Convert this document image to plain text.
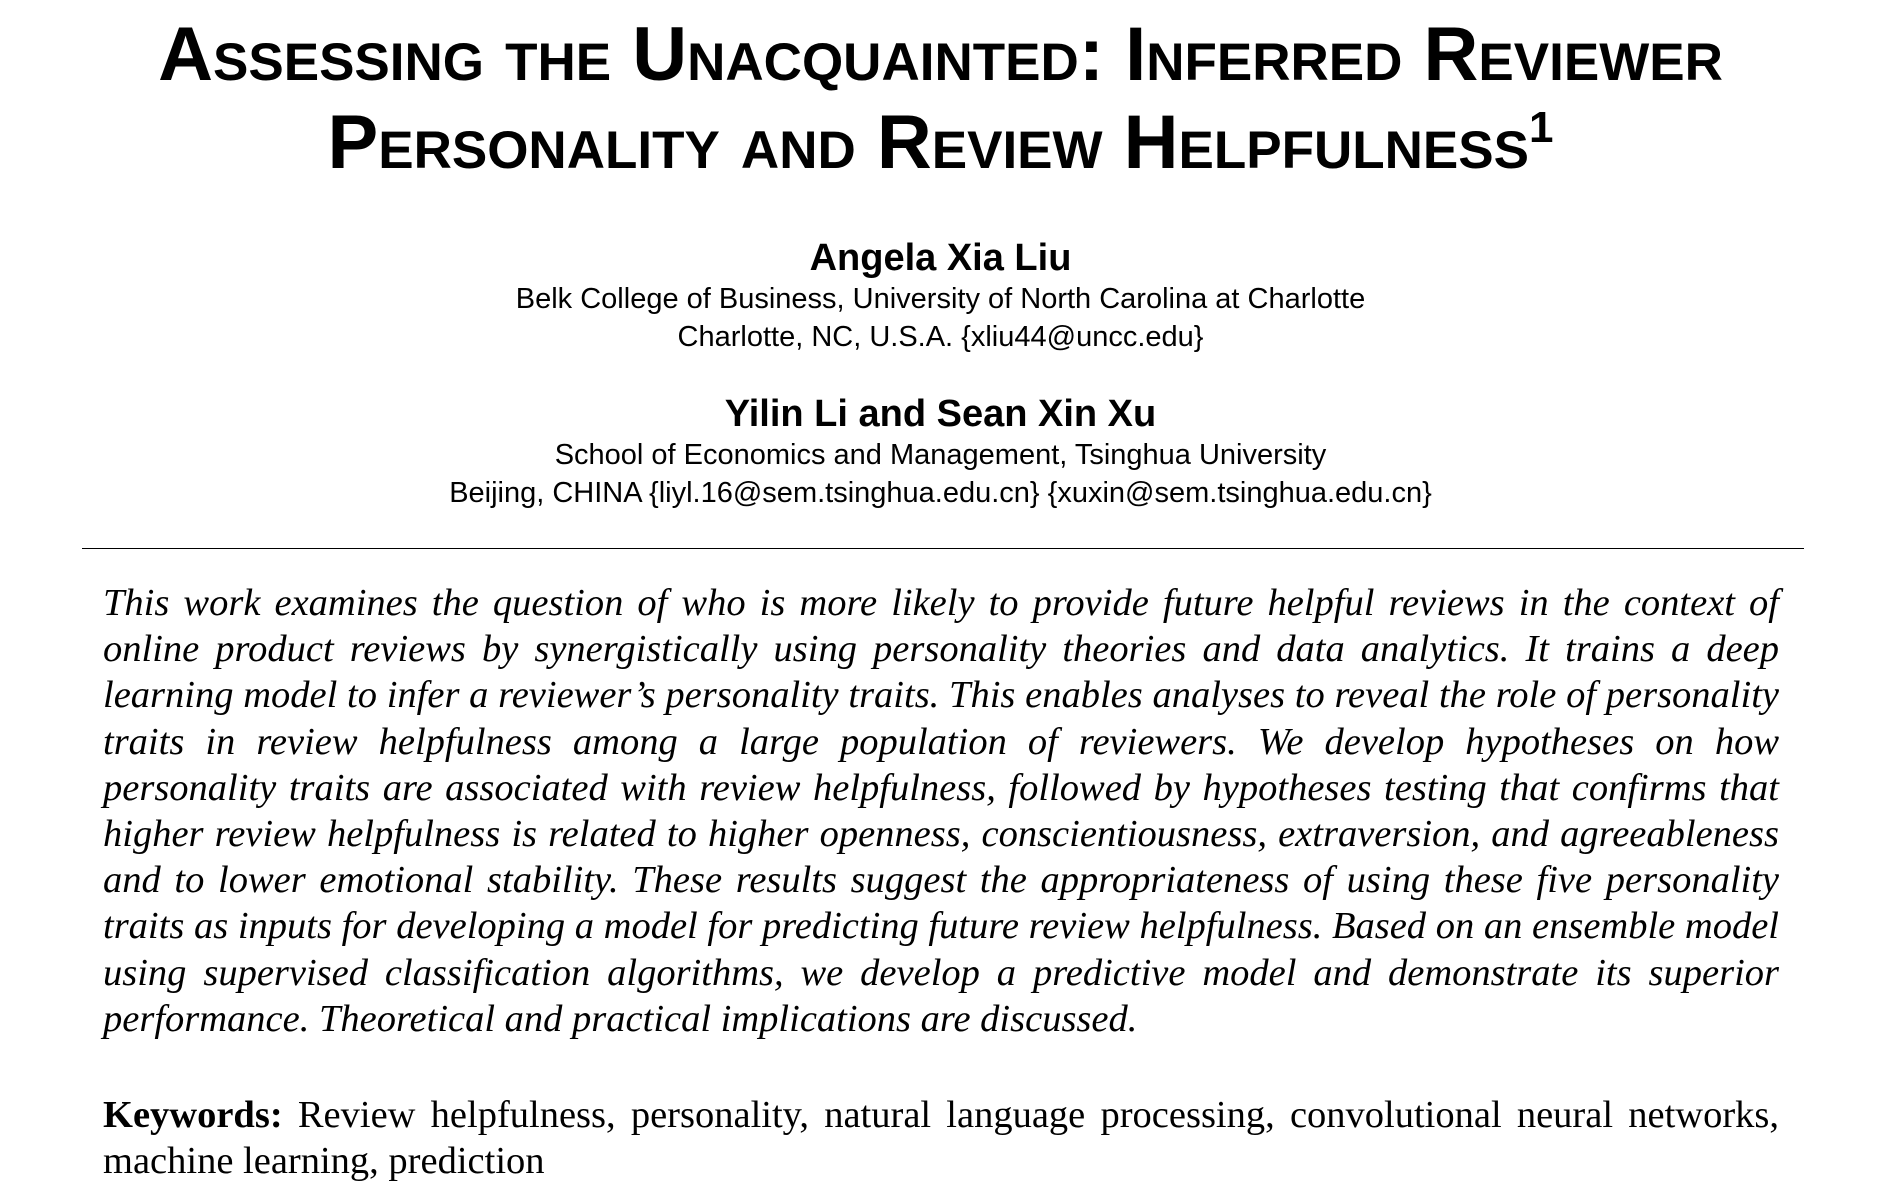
Assessing the Unacquainted: Inferred Reviewer
Personality and Review Helpfulness$^1$
Angela Xia Liu
Belk College of Business, University of North Carolina at Charlotte
Charlotte, NC, U.S.A. {xliu44@uncc.edu}
Yilin Li and Sean Xin Xu
School of Economics and Management, Tsinghua University
Beijing, CHINA {liyl.16@sem.tsinghua.edu.cn} {xuxin@sem.tsinghua.edu.cn}
This work examines the question of who is more likely to provide future helpful reviews in the context of online product reviews by synergistically using personality theories and data analytics. It trains a deep learning model to infer a reviewer’s personality traits. This enables analyses to reveal the role of personality traits in review helpfulness among a large population of reviewers. We develop hypotheses on how personality traits are associated with review helpfulness, followed by hypotheses testing that confirms that higher review helpfulness is related to higher openness, conscientiousness, extraversion, and agreeableness and to lower emotional stability. These results suggest the appropriateness of using these five personality traits as inputs for developing a model for predicting future review helpfulness. Based on an ensemble model using supervised classification algorithms, we develop a predictive model and demonstrate its superior performance. Theoretical and practical implications are discussed.
Keywords: Review helpfulness, personality, natural language processing, convolutional neural networks, machine learning, prediction
